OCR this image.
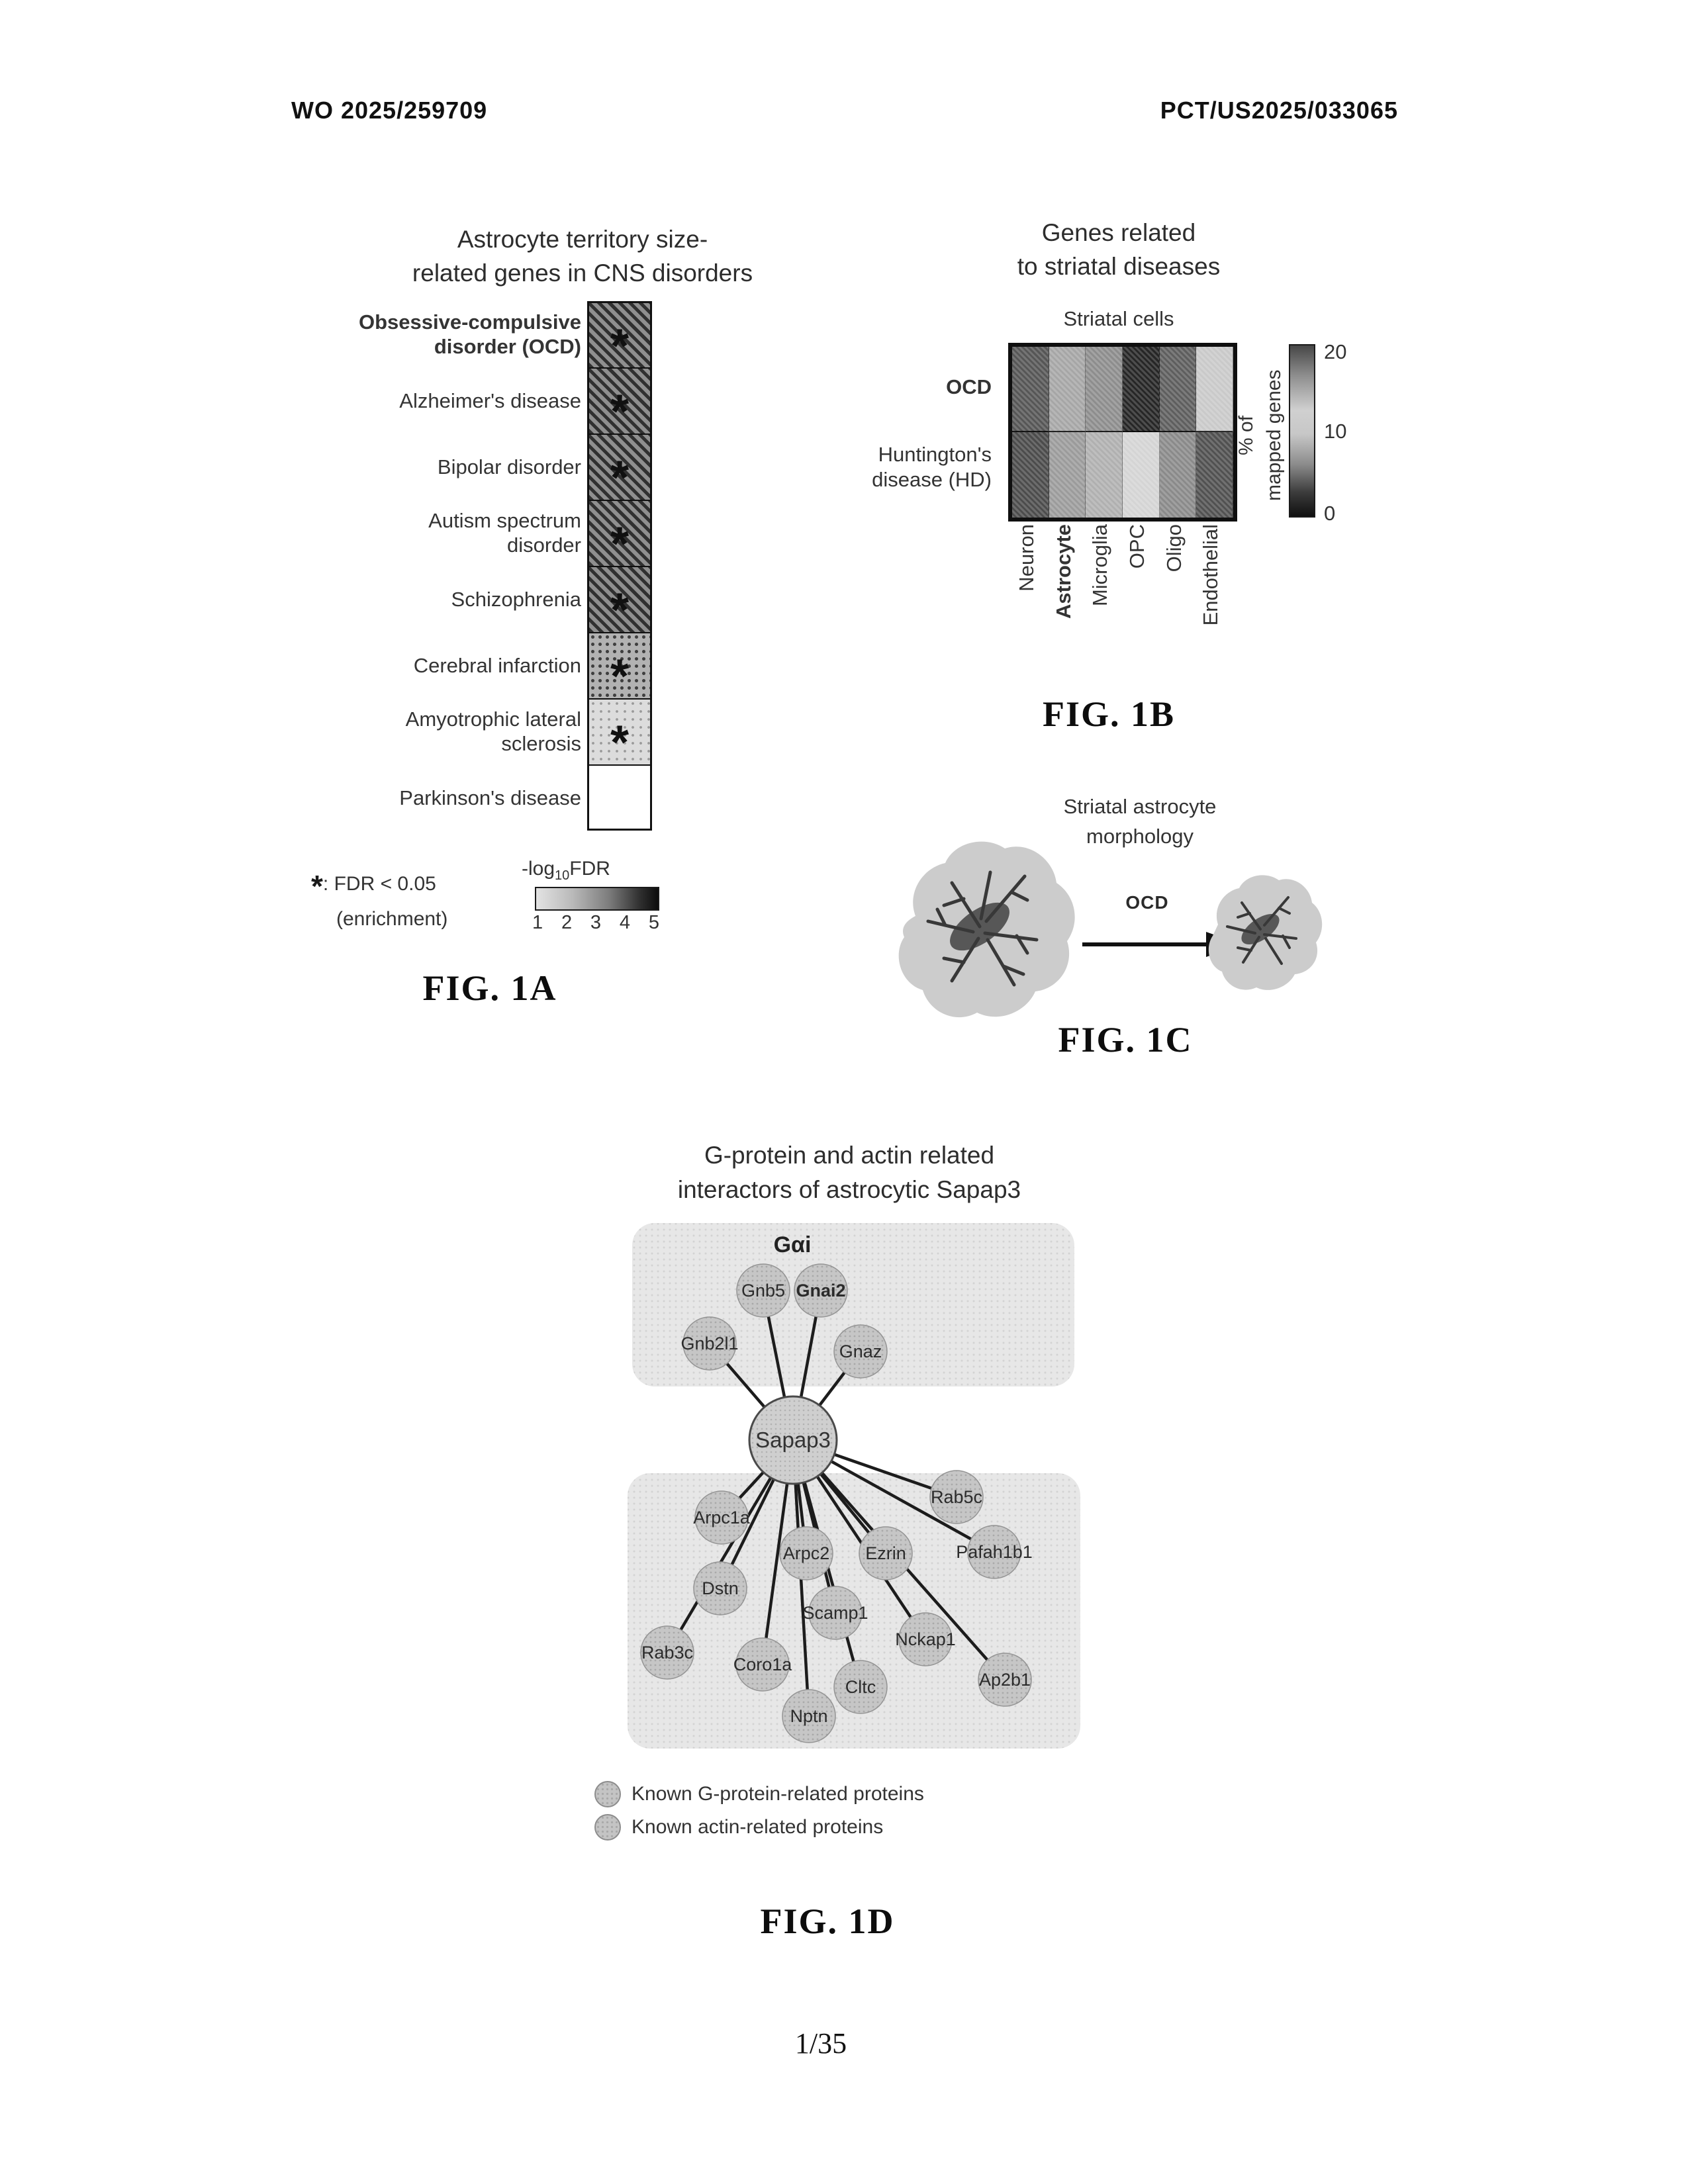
WO 2025/259709	PCT/US2025/033065
Astrocyte territory size-
related genes in CNS disorders
Obsessive-compulsive
disorder (OCD) *
Alzheimer's disease *
Bipolar disorder *
Autism spectrum
disorder *
Schizophrenia *
Cerebral infarction *
Amyotrophic lateral
sclerosis *
Parkinson's disease
*: FDR < 0.05
(enrichment)
$-\log_{10}FDR$
1 2 3 4 5
FIG. 1A
Genes related
to striatal diseases
Striatal cells
OCD
Huntington's
disease (HD)
Neuron Astrocyte Microglia OPC Oligo Endothelial
% of mapped genes
20
10
0
FIG. 1B
Striatal astrocyte
morphology
OCD
FIG. 1C
G-protein and actin related
interactors of astrocytic Sapap3
Gαi
Gnb5 Gnai2
Gnb2l1	Gnaz
Arpc1a
Rab5c
Arpc2 Ezrin	Pafah1b1
Dstn
Scamp1
Nckap1
Rab3c
Coro1a
Cltc	Ap2b1
Nptn
Sapap3
Known G-protein-related proteins
Known actin-related proteins
FIG. 1D
1/35
